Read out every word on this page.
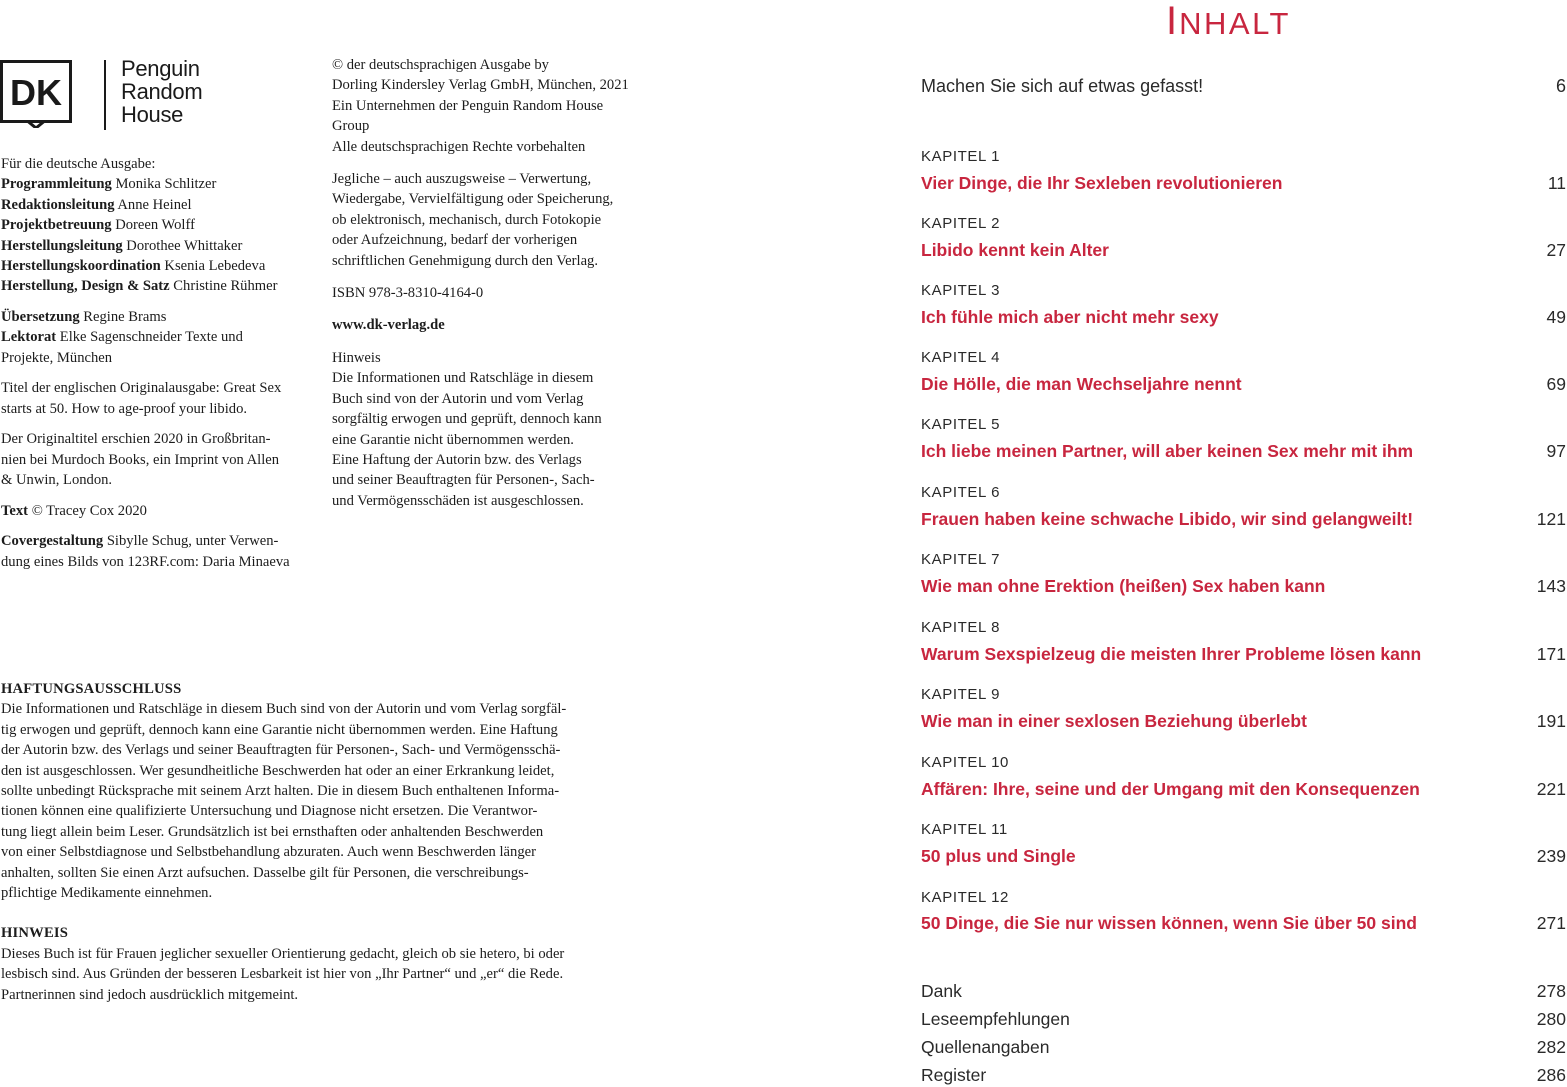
DK
Penguin
Random
House

Für die deutsche Ausgabe:
Programmleitung Monika Schlitzer
Redaktionsleitung Anne Heinel
Projektbetreuung Doreen Wolff
Herstellungsleitung Dorothee Whittaker
Herstellungskoordination Ksenia Lebedeva
Herstellung, Design & Satz Christine Rühmer

Übersetzung Regine Brams
Lektorat Elke Sagenschneider Texte und
Projekte, München

Titel der englischen Originalausgabe: Great Sex
starts at 50. How to age-proof your libido.

Der Originaltitel erschien 2020 in Großbritan-
nien bei Murdoch Books, ein Imprint von Allen
& Unwin, London.

Text © Tracey Cox 2020

Covergestaltung Sibylle Schug, unter Verwen-
dung eines Bilds von 123RF.com: Daria Minaeva

© der deutschsprachigen Ausgabe by
Dorling Kindersley Verlag GmbH, München, 2021
Ein Unternehmen der Penguin Random House
Group
Alle deutschsprachigen Rechte vorbehalten

Jegliche – auch auszugsweise – Verwertung,
Wiedergabe, Vervielfältigung oder Speicherung,
ob elektronisch, mechanisch, durch Fotokopie
oder Aufzeichnung, bedarf der vorherigen
schriftlichen Genehmigung durch den Verlag.

ISBN 978-3-8310-4164-0

www.dk-verlag.de

Hinweis
Die Informationen und Ratschläge in diesem
Buch sind von der Autorin und vom Verlag
sorgfältig erwogen und geprüft, dennoch kann
eine Garantie nicht übernommen werden.
Eine Haftung der Autorin bzw. des Verlags
und seiner Beauftragten für Personen-, Sach-
und Vermögensschäden ist ausgeschlossen.

HAFTUNGSAUSSCHLUSS
Die Informationen und Ratschläge in diesem Buch sind von der Autorin und vom Verlag sorgfäl-
tig erwogen und geprüft, dennoch kann eine Garantie nicht übernommen werden. Eine Haftung
der Autorin bzw. des Verlags und seiner Beauftragten für Personen-, Sach- und Vermögensschä-
den ist ausgeschlossen. Wer gesundheitliche Beschwerden hat oder an einer Erkrankung leidet,
sollte unbedingt Rücksprache mit seinem Arzt halten. Die in diesem Buch enthaltenen Informa-
tionen können eine qualifizierte Untersuchung und Diagnose nicht ersetzen. Die Verantwor-
tung liegt allein beim Leser. Grundsätzlich ist bei ernsthaften oder anhaltenden Beschwerden
von einer Selbstdiagnose und Selbstbehandlung abzuraten. Auch wenn Beschwerden länger
anhalten, sollten Sie einen Arzt aufsuchen. Dasselbe gilt für Personen, die verschreibungs-
pflichtige Medikamente einnehmen.
HINWEIS
Dieses Buch ist für Frauen jeglicher sexueller Orientierung gedacht, gleich ob sie hetero, bi oder
lesbisch sind. Aus Gründen der besseren Lesbarkeit ist hier von „Ihr Partner“ und „er“ die Rede.
Partnerinnen sind jedoch ausdrücklich mitgemeint.
INHALT
Machen Sie sich auf etwas gefasst!	6
KAPITEL 1
Vier Dinge, die Ihr Sexleben revolutionieren	11
KAPITEL 2
Libido kennt kein Alter	27
KAPITEL 3
Ich fühle mich aber nicht mehr sexy	49
KAPITEL 4
Die Hölle, die man Wechseljahre nennt	69
KAPITEL 5
Ich liebe meinen Partner, will aber keinen Sex mehr mit ihm	97
KAPITEL 6
Frauen haben keine schwache Libido, wir sind gelangweilt!	121
KAPITEL 7
Wie man ohne Erektion (heißen) Sex haben kann	143
KAPITEL 8
Warum Sexspielzeug die meisten Ihrer Probleme lösen kann	171
KAPITEL 9
Wie man in einer sexlosen Beziehung überlebt	191
KAPITEL 10
Affären: Ihre, seine und der Umgang mit den Konsequenzen	221
KAPITEL 11
50 plus und Single	239
KAPITEL 12
50 Dinge, die Sie nur wissen können, wenn Sie über 50 sind	271
Dank	278
Leseempfehlungen	280
Quellenangaben	282
Register	286
